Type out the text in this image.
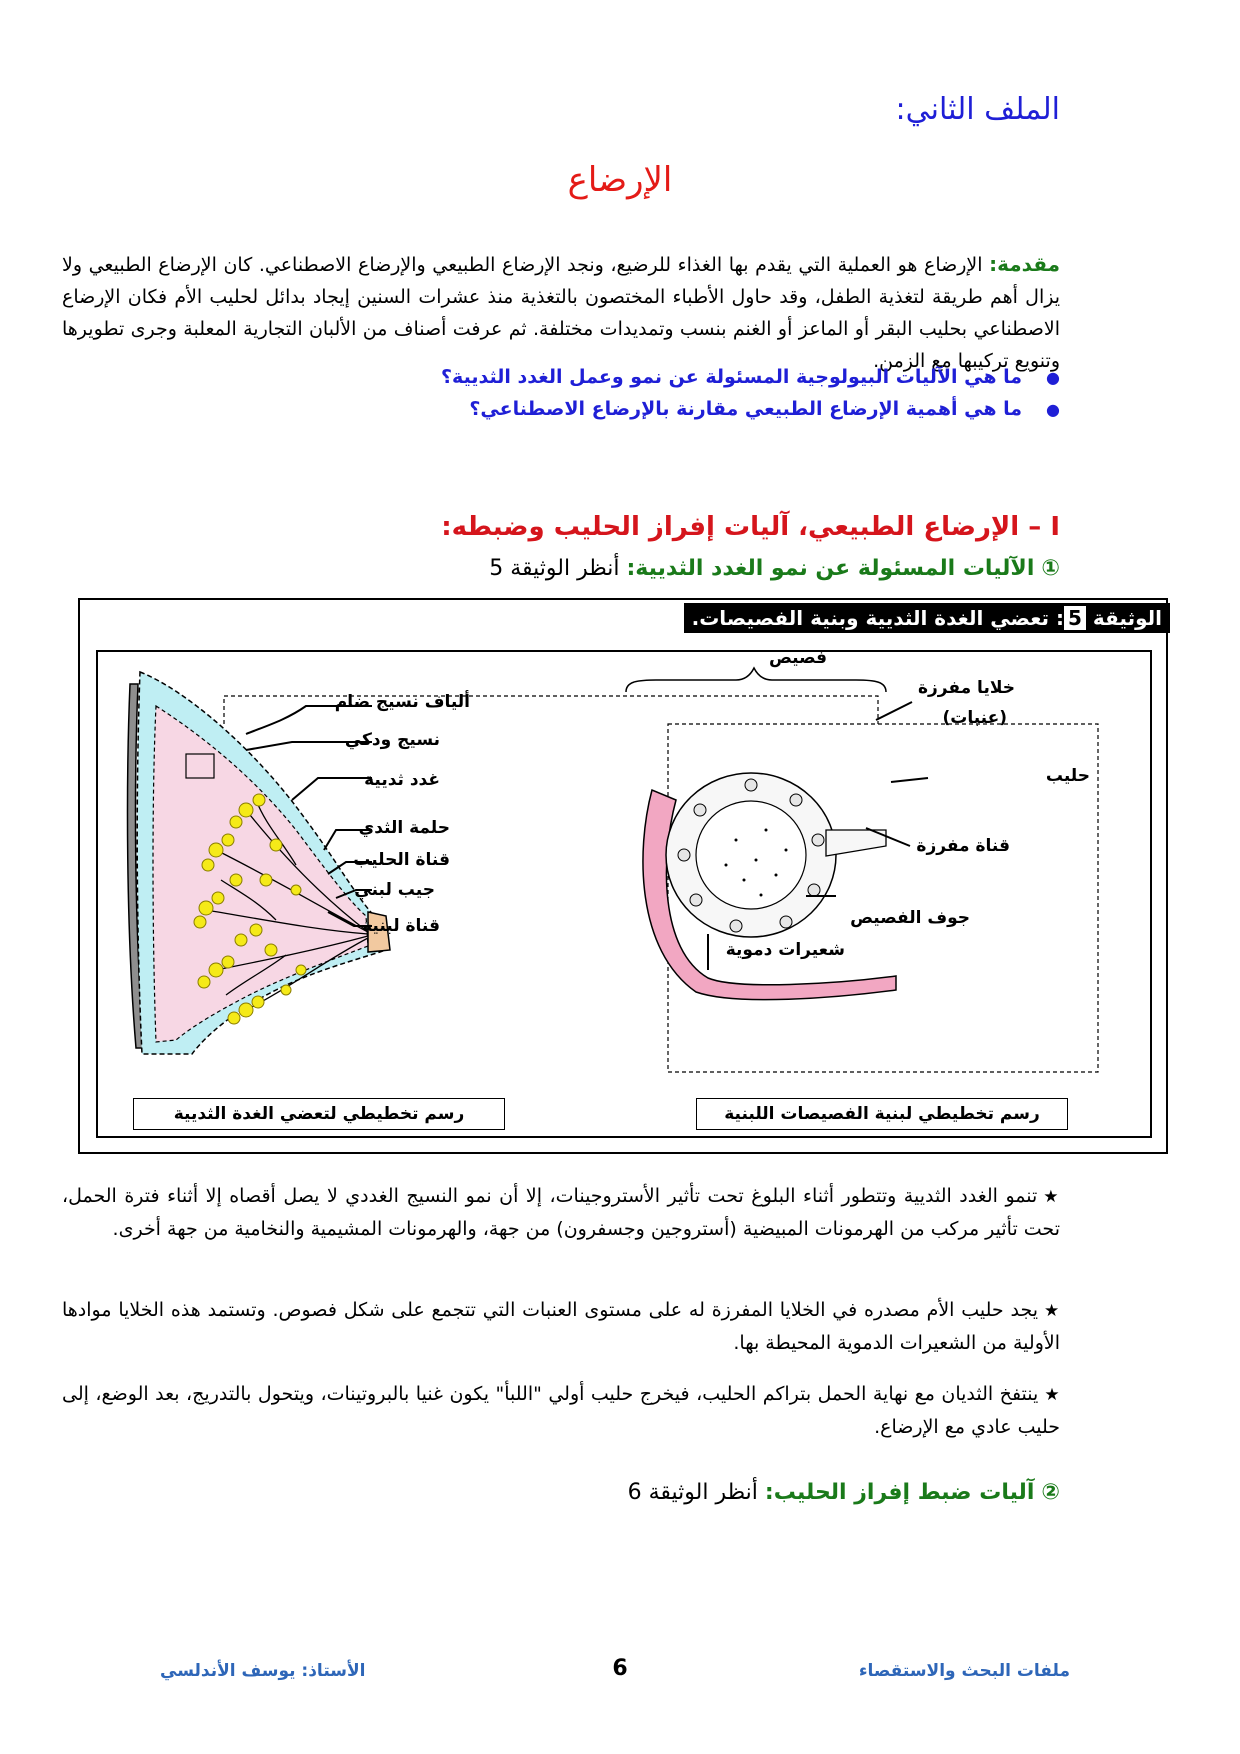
الملف الثاني:
الإرضاع
مقدمة: الإرضاع هو العملية التي يقدم بها الغذاء للرضيع، ونجد الإرضاع الطبيعي والإرضاع الاصطناعي. كان الإرضاع الطبيعي ولا يزال أهم طريقة لتغذية الطفل، وقد حاول الأطباء المختصون بالتغذية منذ عشرات السنين إيجاد بدائل لحليب الأم فكان الإرضاع الاصطناعي بحليب البقر أو الماعز أو الغنم بنسب وتمديدات مختلفة. ثم عرفت أصناف من الألبان التجارية المعلبة وجرى تطويرها وتنويع تركيبها مع الزمن.
●ما هي الآليات البيولوجية المسئولة عن نمو وعمل الغدد الثديية؟
●ما هي أهمية الإرضاع الطبيعي مقارنة بالإرضاع الاصطناعي؟
I – الإرضاع الطبيعي، آليات إفراز الحليب وضبطه:
① الآليات المسئولة عن نمو الغدد الثديية: أنظر الوثيقة 5
الوثيقة 5: تعضي الغدة الثديية وبنية الفصيصات.
ألياف نسيج ضام
نسيج ودكي
غدد ثديية
حلمة الثدي
قناة الحليب
جيب لبني
قناة لبنية
فصيص
خلايا مفرزة
(عنبات)
حليب
قناة مفرزة
جوف الفصيص
شعيرات دموية
رسم تخطيطي لتعضي الغدة الثديية	رسم تخطيطي لبنية الفصيصات اللبنية
★تنمو الغدد الثديية وتتطور أثناء البلوغ تحت تأثير الأستروجينات، إلا أن نمو النسيج الغددي لا يصل أقصاه إلا أثناء فترة الحمل، تحت تأثير مركب من الهرمونات المبيضية (أستروجين وجسفرون) من جهة، والهرمونات المشيمية والنخامية من جهة أخرى.
★يجد حليب الأم مصدره في الخلايا المفرزة له على مستوى العنبات التي تتجمع على شكل فصوص. وتستمد هذه الخلايا موادها الأولية من الشعيرات الدموية المحيطة بها.
★ينتفخ الثديان مع نهاية الحمل بتراكم الحليب، فيخرج حليب أولي "اللبأ" يكون غنيا بالبروتينات، ويتحول بالتدريج، بعد الوضع، إلى حليب عادي مع الإرضاع.
② آليات ضبط إفراز الحليب: أنظر الوثيقة 6
ملفات البحث والاستقصاء
6
الأستاذ: يوسف الأندلسي
